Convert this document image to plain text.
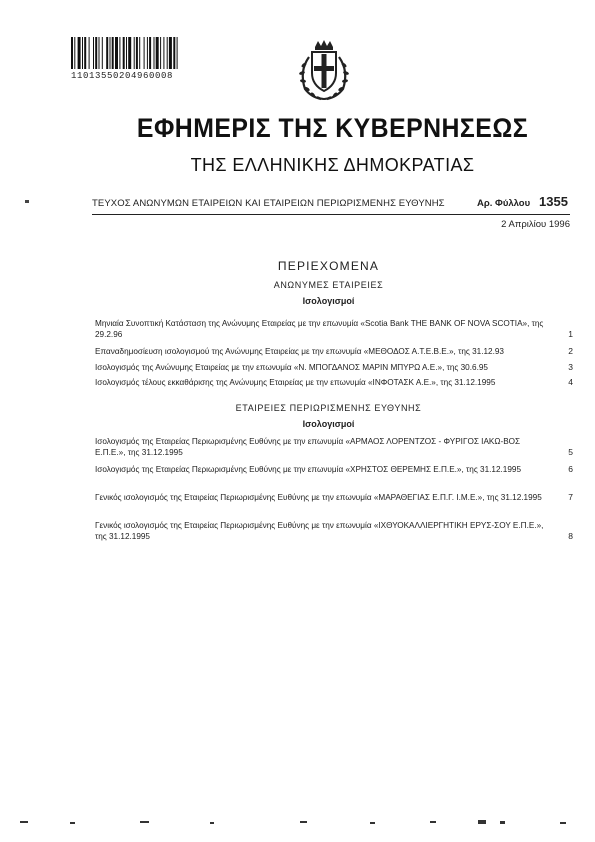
11013550204960008
ΕΦΗΜΕΡΙΣ ΤΗΣ ΚΥΒΕΡΝΗΣΕΩΣ
ΤΗΣ ΕΛΛΗΝΙΚΗΣ ΔΗΜΟΚΡΑΤΙΑΣ
ΤΕΥΧΟΣ ΑΝΩΝΥΜΩΝ ΕΤΑΙΡΕΙΩΝ ΚΑΙ ΕΤΑΙΡΕΙΩΝ ΠΕΡΙΩΡΙΣΜΕΝΗΣ ΕΥΘΥΝΗΣ	Αρ. Φύλλου 1355
2 Απριλίου 1996
ΠΕΡΙΕΧΟΜΕΝΑ
ΑΝΩΝΥΜΕΣ ΕΤΑΙΡΕΙΕΣ
Ισολογισμοί
Μηνιαία Συνοπτική Κατάσταση της Ανώνυμης Εταιρείας με την επωνυμία «Scotia Bank THE BANK OF NOVA SCOTIA», της 29.2.96	1
Επαναδημοσίευση ισολογισμού της Ανώνυμης Εταιρείας με την επωνυμία «ΜΕΘΟΔΟΣ Α.Τ.Ε.Β.Ε.», της 31.12.93	2
Ισολογισμός της Ανώνυμης Εταιρείας με την επωνυμία «Ν. ΜΠΟΓΔΑΝΟΣ ΜΑΡΙΝ ΜΠΥΡΩ Α.Ε.», της 30.6.95	3
Ισολογισμός τέλους εκκαθάρισης της Ανώνυμης Εταιρείας με την επωνυμία «ΙΝΦΟΤΑΣΚ Α.Ε.», της 31.12.1995	4
ΕΤΑΙΡΕΙΕΣ ΠΕΡΙΩΡΙΣΜΕΝΗΣ ΕΥΘΥΝΗΣ
Ισολογισμοί
Ισολογισμός της Εταιρείας Περιωρισμένης Ευθύνης με την επωνυμία «ΑΡΜΑΟΣ ΛΟΡΕΝΤΖΟΣ - ΦΥΡΙΓΟΣ ΙΑΚΩ-ΒΟΣ Ε.Π.Ε.», της 31.12.1995	5
Ισολογισμός της Εταιρείας Περιωρισμένης Ευθύνης με την επωνυμία «ΧΡΗΣΤΟΣ ΘΕΡΕΜΗΣ Ε.Π.Ε.», της 31.12.1995	6
Γενικός ισολογισμός της Εταιρείας Περιωρισμένης Ευθύνης με την επωνυμία «ΜΑΡΑΘΕΓΙΑΣ Ε.Π.Γ. Ι.Μ.Ε.», της 31.12.1995	7
Γενικός ισολογισμός της Εταιρείας Περιωρισμένης Ευθύνης με την επωνυμία «ΙΧΘΥΟΚΑΛΛΙΕΡΓΗΤΙΚΗ ΕΡΥΣ-ΣΟΥ Ε.Π.Ε.», της 31.12.1995	8
